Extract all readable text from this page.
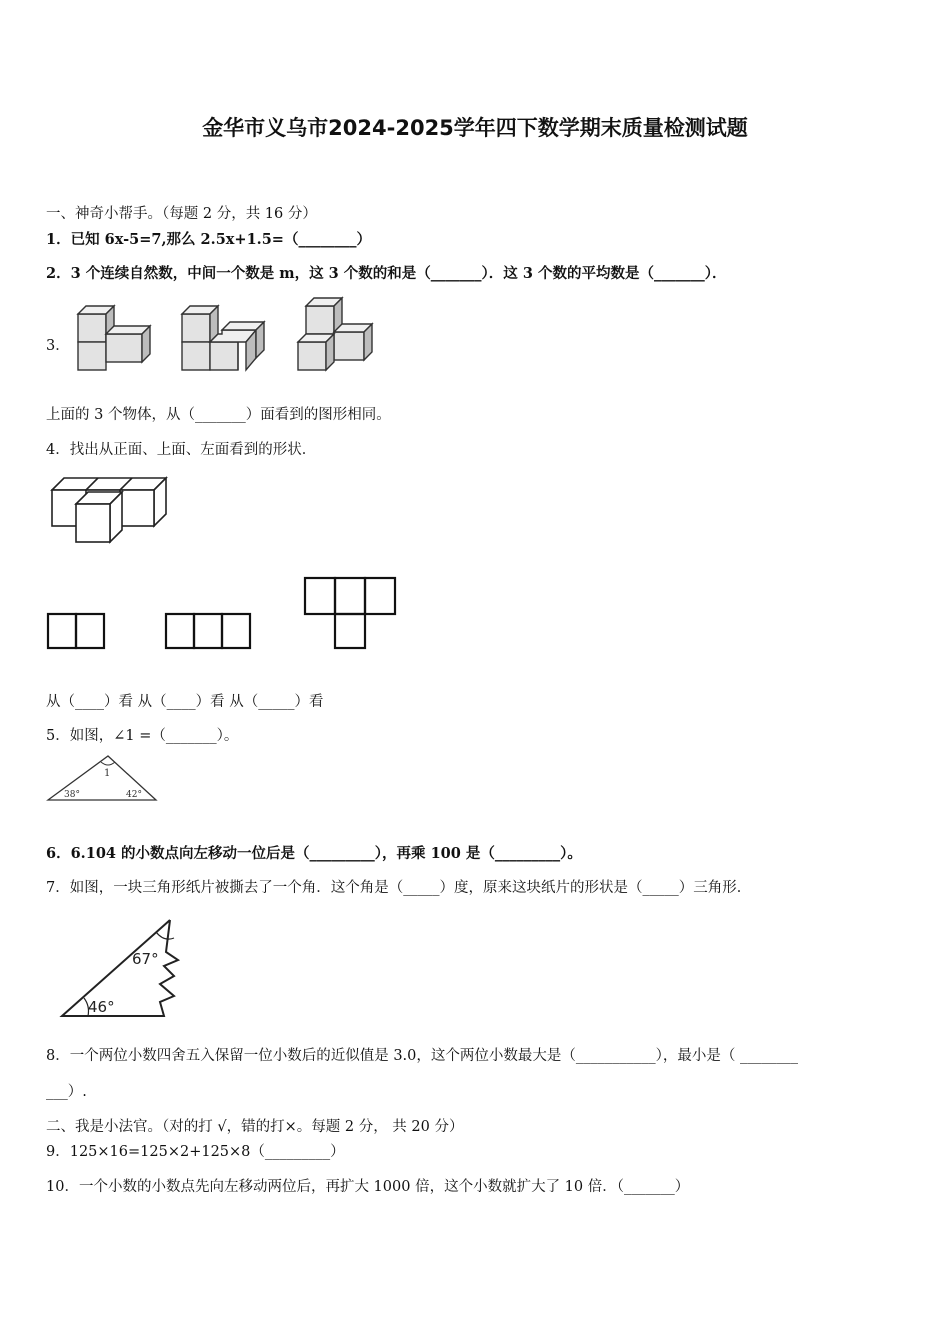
金华市义乌市2024-2025学年四下数学期末质量检测试题
一、神奇小帮手。（每题 2 分，共 16 分）
1．已知 6x-5=7,那么 2.5x+1.5=（________）
2．3 个连续自然数，中间一个数是 m，这 3 个数的和是（_______）．这 3 个数的平均数是（_______）．
3．
上面的 3 个物体，从（_______）面看到的图形相同。
4．找出从正面、上面、左面看到的形状．
从（____）看 从（____）看 从（_____）看
5．如图，∠1 =（_______）。
1
38°	42°
6．6.104 的小数点向左移动一位后是（_________），再乘 100 是（_________）。
7．如图，一块三角形纸片被撕去了一个角．这个角是（_____）度，原来这块纸片的形状是（_____）三角形．
67°
46°
8．一个两位小数四舍五入保留一位小数后的近似值是 3.0，这个两位小数最大是（___________），最小是（ ________
___）.
二、我是小法官。（对的打 √，错的打×。每题 2 分， 共 20 分）
9．125×16=125×2+125×8（_________）
10．一个小数的小数点先向左移动两位后，再扩大 1000 倍，这个小数就扩大了 10 倍．（_______）
